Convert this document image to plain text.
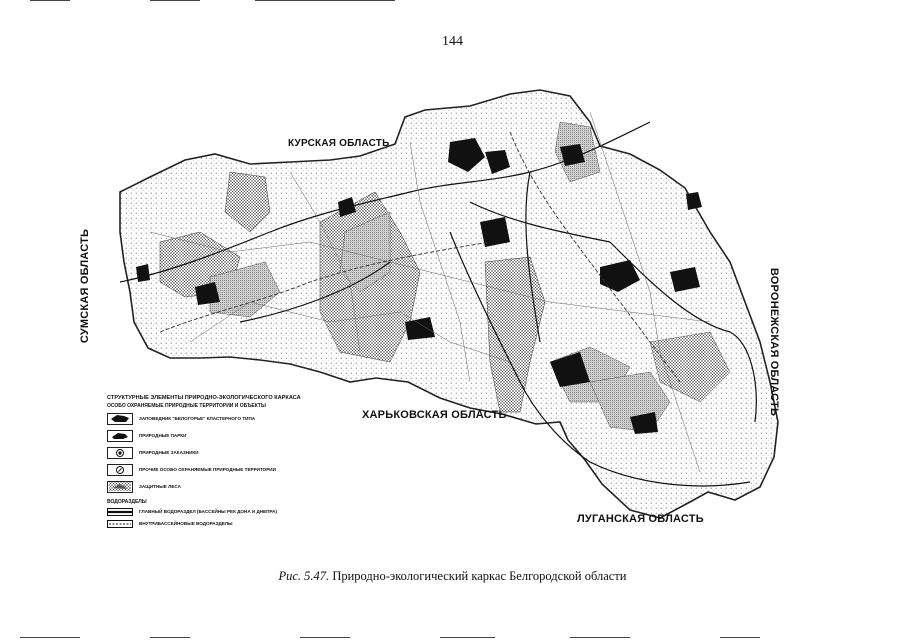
144
КУРСКАЯ ОБЛАСТЬ
ХАРЬКОВСКАЯ ОБЛАСТЬ
ЛУГАНСКАЯ ОБЛАСТЬ
СУМСКАЯ ОБЛАСТЬ	ВОРОНЕЖСКАЯ ОБЛАСТЬ
СТРУКТУРНЫЕ ЭЛЕМЕНТЫ ПРИРОДНО-ЭКОЛОГИЧЕСКОГО КАРКАСА
ОСОБО ОХРАНЯЕМЫЕ ПРИРОДНЫЕ ТЕРРИТОРИИ И ОБЪЕКТЫ
ЗАПОВЕДНИК "БЕЛОГОРЬЕ" КЛАСТЕРНОГО ТИПА
ПРИРОДНЫЕ ПАРКИ
ПРИРОДНЫЕ ЗАКАЗНИКИ
ПРОЧИЕ ОСОБО ОХРАНЯЕМЫЕ ПРИРОДНЫЕ ТЕРРИТОРИИ
ЗАЩИТНЫЕ ЛЕСА
ВОДОРАЗДЕЛЫ
ГЛАВНЫЙ ВОДОРАЗДЕЛ (БАССЕЙНЫ РЕК ДОНА И ДНЕПРА)
ВНУТРИБАССЕЙНОВЫЕ ВОДОРАЗДЕЛЫ
Рис. 5.47. Природно-экологический каркас Белгородской области
